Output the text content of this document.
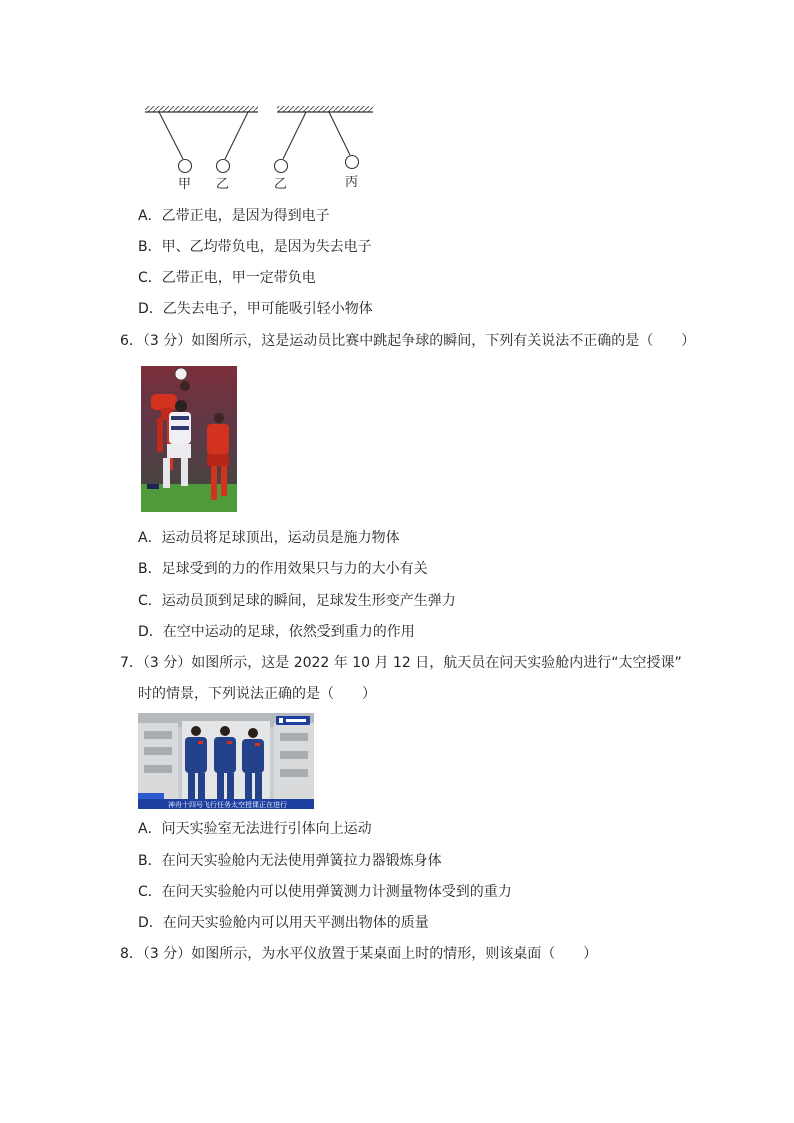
甲 乙	乙	丙
A．乙带正电，是因为得到电子
B．甲、乙均带负电，是因为失去电子
C．乙带正电，甲一定带负电
D．乙失去电子，甲可能吸引轻小物体
6．（3 分）如图所示，这是运动员比赛中跳起争球的瞬间，下列有关说法不正确的是（　　）
A．运动员将足球顶出，运动员是施力物体
B．足球受到的力的作用效果只与力的大小有关
C．运动员顶到足球的瞬间，足球发生形变产生弹力
D．在空中运动的足球，依然受到重力的作用
7．（3 分）如图所示，这是 2022 年 10 月 12 日，航天员在问天实验舱内进行“太空授课”
时的情景，下列说法正确的是（　　）
神舟十四号飞行任务太空授课正在进行
A．问天实验室无法进行引体向上运动
B．在问天实验舱内无法使用弹簧拉力器锻炼身体
C．在问天实验舱内可以使用弹簧测力计测量物体受到的重力
D．在问天实验舱内可以用天平测出物体的质量
8．（3 分）如图所示，为水平仪放置于某桌面上时的情形，则该桌面（　　）
